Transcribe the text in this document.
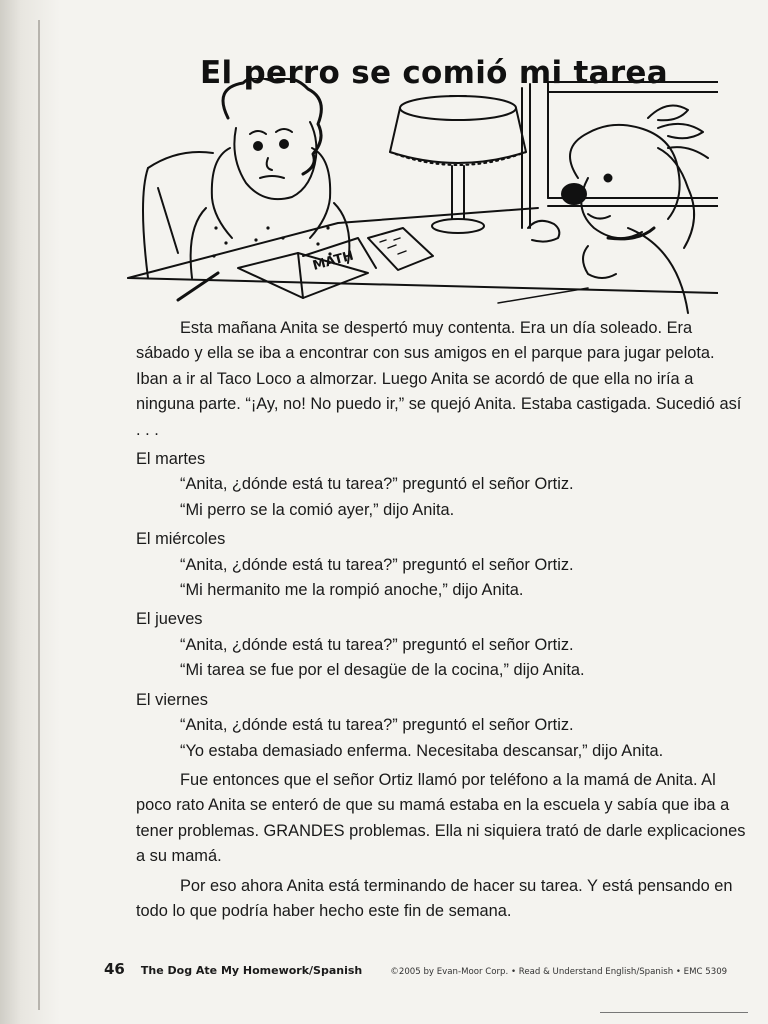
El perro se comió mi tarea
MATH

Esta mañana Anita se despertó muy contenta. Era un día soleado. Era sábado y ella se iba a encontrar con sus amigos en el parque para jugar pelota. Iban a ir al Taco Loco a almorzar. Luego Anita se acordó de que ella no iría a ninguna parte. “¡Ay, no! No puedo ir,” se quejó Anita. Estaba castigada. Sucedió así . . .

El martes

“Anita, ¿dónde está tu tarea?” preguntó el señor Ortiz.

“Mi perro se la comió ayer,” dijo Anita.

El miércoles

“Anita, ¿dónde está tu tarea?” preguntó el señor Ortiz.

“Mi hermanito me la rompió anoche,” dijo Anita.

El jueves

“Anita, ¿dónde está tu tarea?” preguntó el señor Ortiz.

“Mi tarea se fue por el desagüe de la cocina,” dijo Anita.

El viernes

“Anita, ¿dónde está tu tarea?” preguntó el señor Ortiz.

“Yo estaba demasiado enferma. Necesitaba descansar,” dijo Anita.

Fue entonces que el señor Ortiz llamó por teléfono a la mamá de Anita. Al poco rato Anita se enteró de que su mamá estaba en la escuela y sabía que iba a tener problemas. GRANDES problemas. Ella ni siquiera trató de darle explicaciones a su mamá.

Por eso ahora Anita está terminando de hacer su tarea. Y está pensando en todo lo que podría haber hecho este fin de semana.

46 The Dog Ate My Homework/Spanish	©2005 by Evan-Moor Corp. • Read & Understand English/Spanish • EMC 5309
